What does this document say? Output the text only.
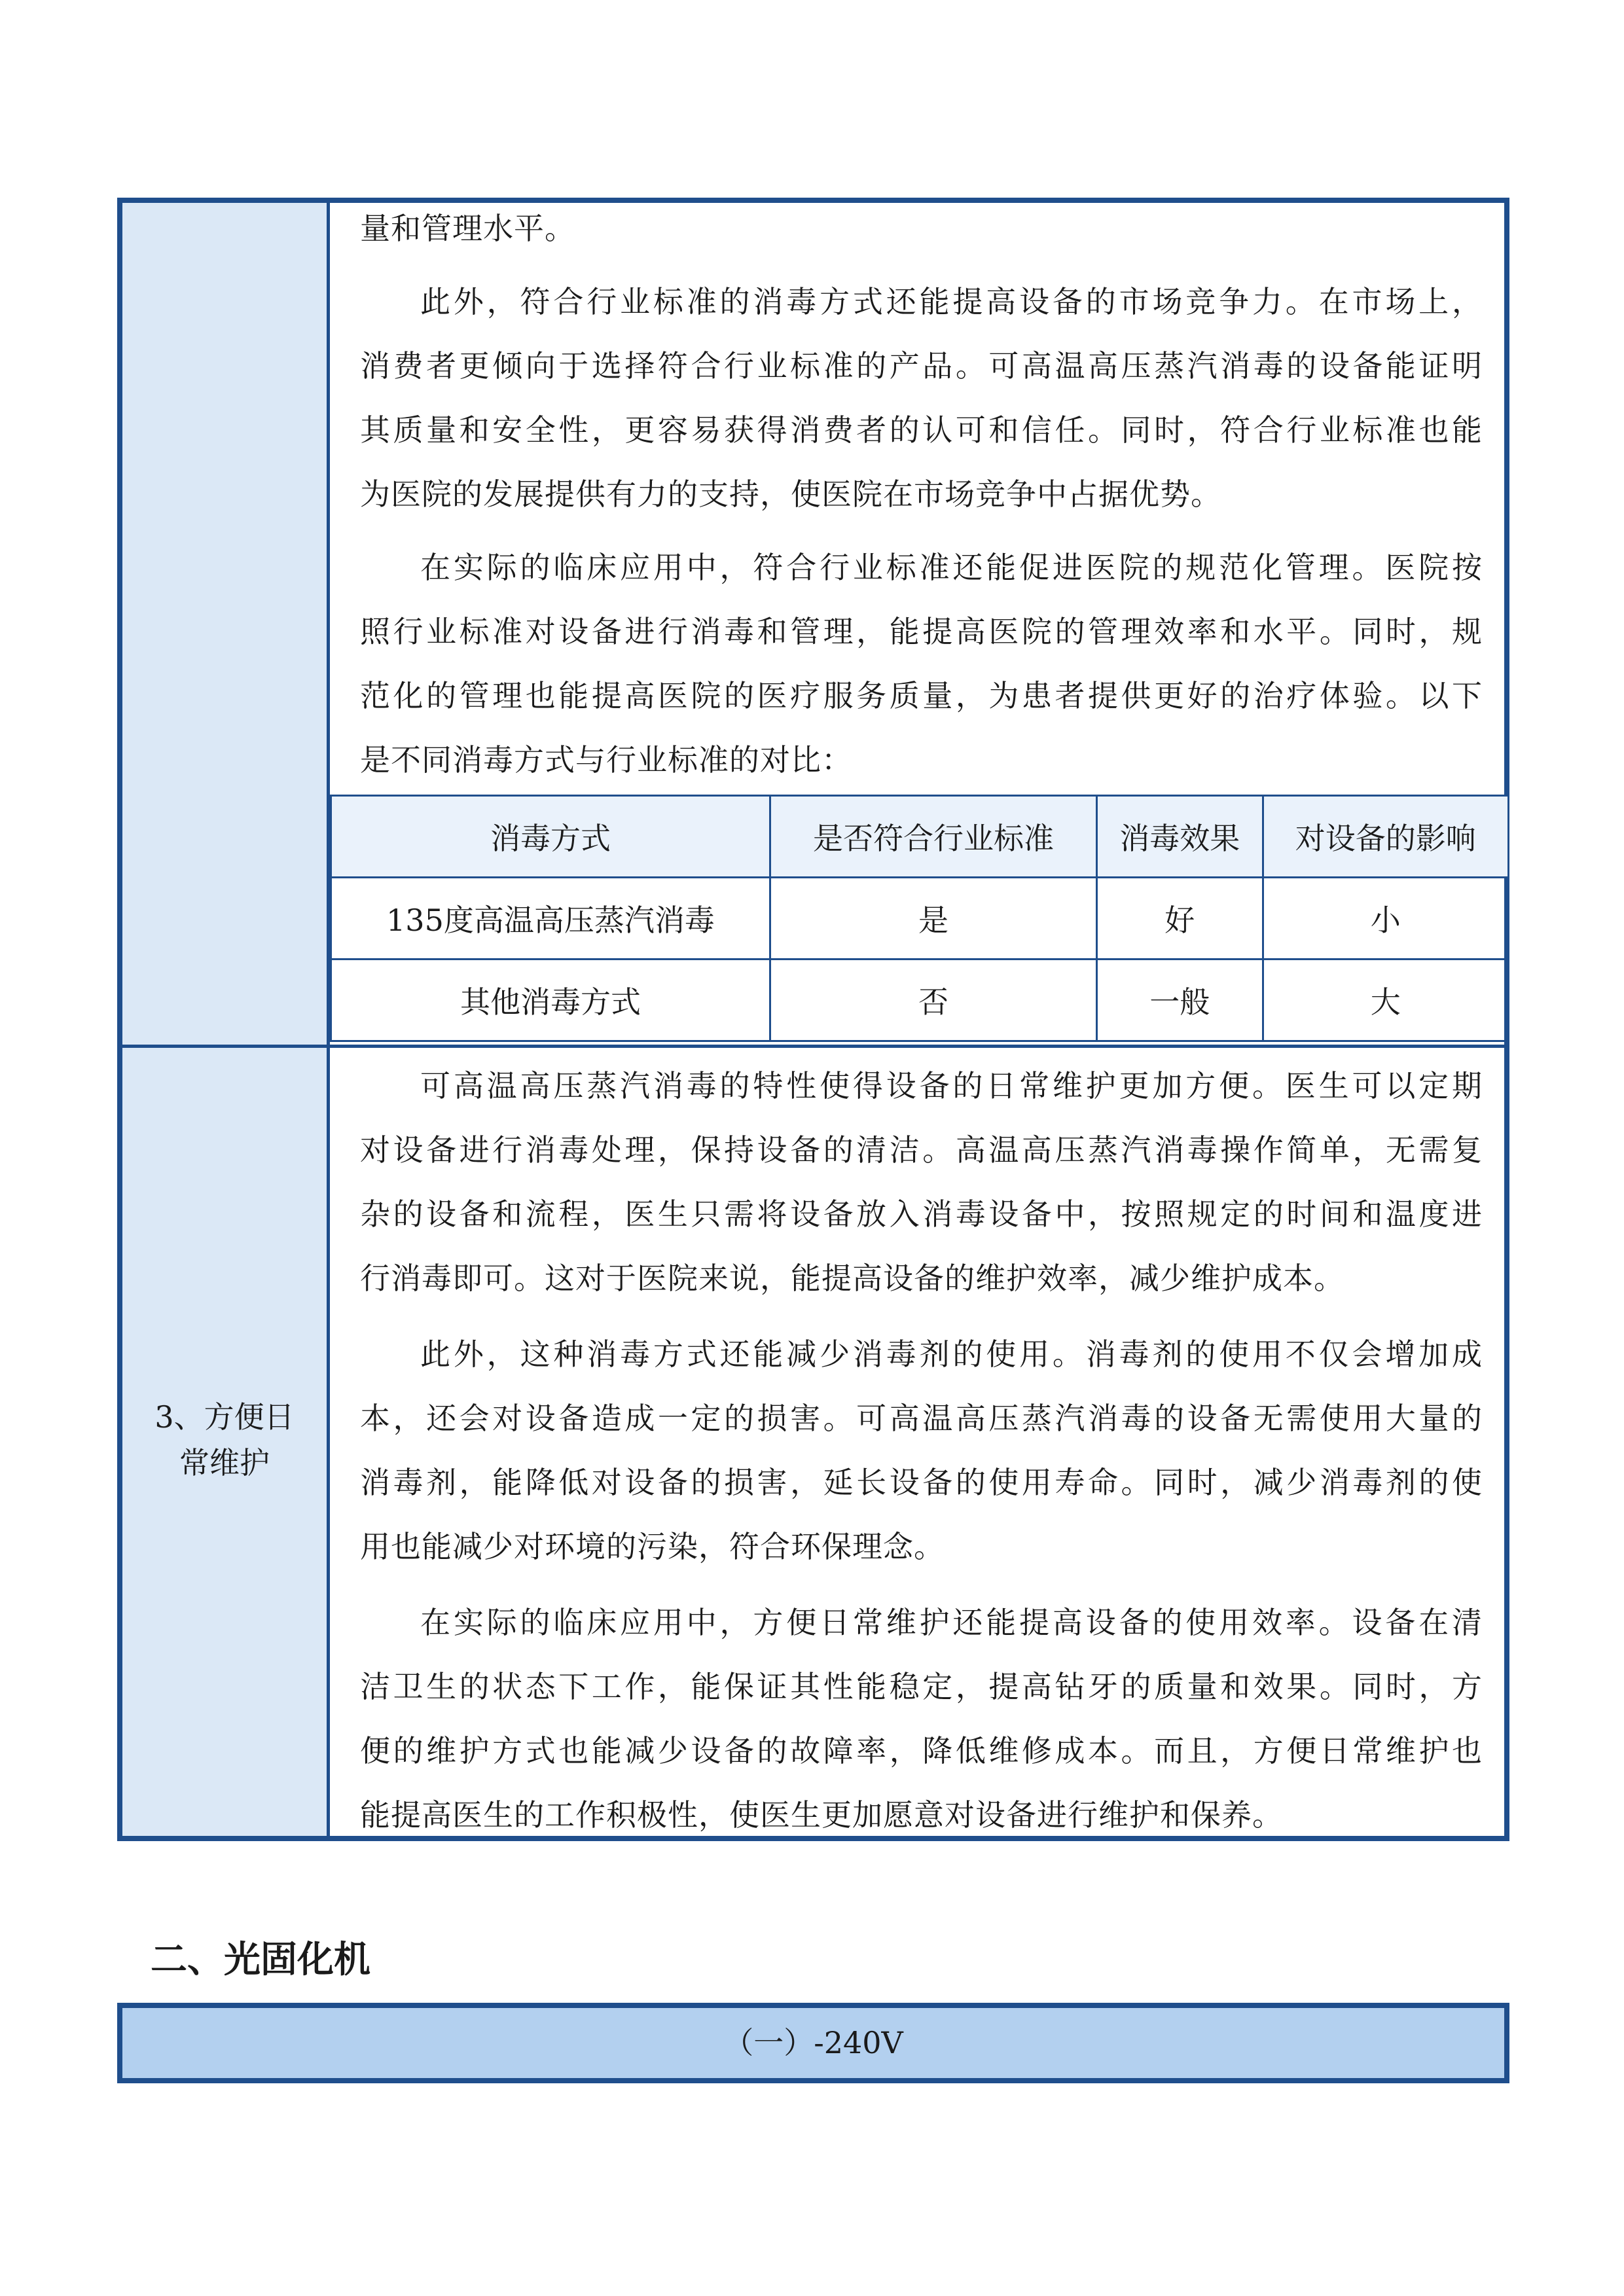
3、方便日
常维护
量和管理水平。
此外，符合行业标准的消毒方式还能提高设备的市场竞争力。在市场上，
消费者更倾向于选择符合行业标准的产品。可高温高压蒸汽消毒的设备能证明
其质量和安全性，更容易获得消费者的认可和信任。同时，符合行业标准也能
为医院的发展提供有力的支持，使医院在市场竞争中占据优势。
在实际的临床应用中，符合行业标准还能促进医院的规范化管理。医院按
照行业标准对设备进行消毒和管理，能提高医院的管理效率和水平。同时，规
范化的管理也能提高医院的医疗服务质量，为患者提供更好的治疗体验。以下
是不同消毒方式与行业标准的对比：
消毒方式	是否符合行业标准	消毒效果	对设备的影响
135度高温高压蒸汽消毒	是	好	小
其他消毒方式	否	一般	大
可高温高压蒸汽消毒的特性使得设备的日常维护更加方便。医生可以定期
对设备进行消毒处理，保持设备的清洁。高温高压蒸汽消毒操作简单，无需复
杂的设备和流程，医生只需将设备放入消毒设备中，按照规定的时间和温度进
行消毒即可。这对于医院来说，能提高设备的维护效率，减少维护成本。
此外，这种消毒方式还能减少消毒剂的使用。消毒剂的使用不仅会增加成
本，还会对设备造成一定的损害。可高温高压蒸汽消毒的设备无需使用大量的
消毒剂，能降低对设备的损害，延长设备的使用寿命。同时，减少消毒剂的使
用也能减少对环境的污染，符合环保理念。
在实际的临床应用中，方便日常维护还能提高设备的使用效率。设备在清
洁卫生的状态下工作，能保证其性能稳定，提高钻牙的质量和效果。同时，方
便的维护方式也能减少设备的故障率，降低维修成本。而且，方便日常维护也
能提高医生的工作积极性，使医生更加愿意对设备进行维护和保养。
二、光固化机
（一）-240V
